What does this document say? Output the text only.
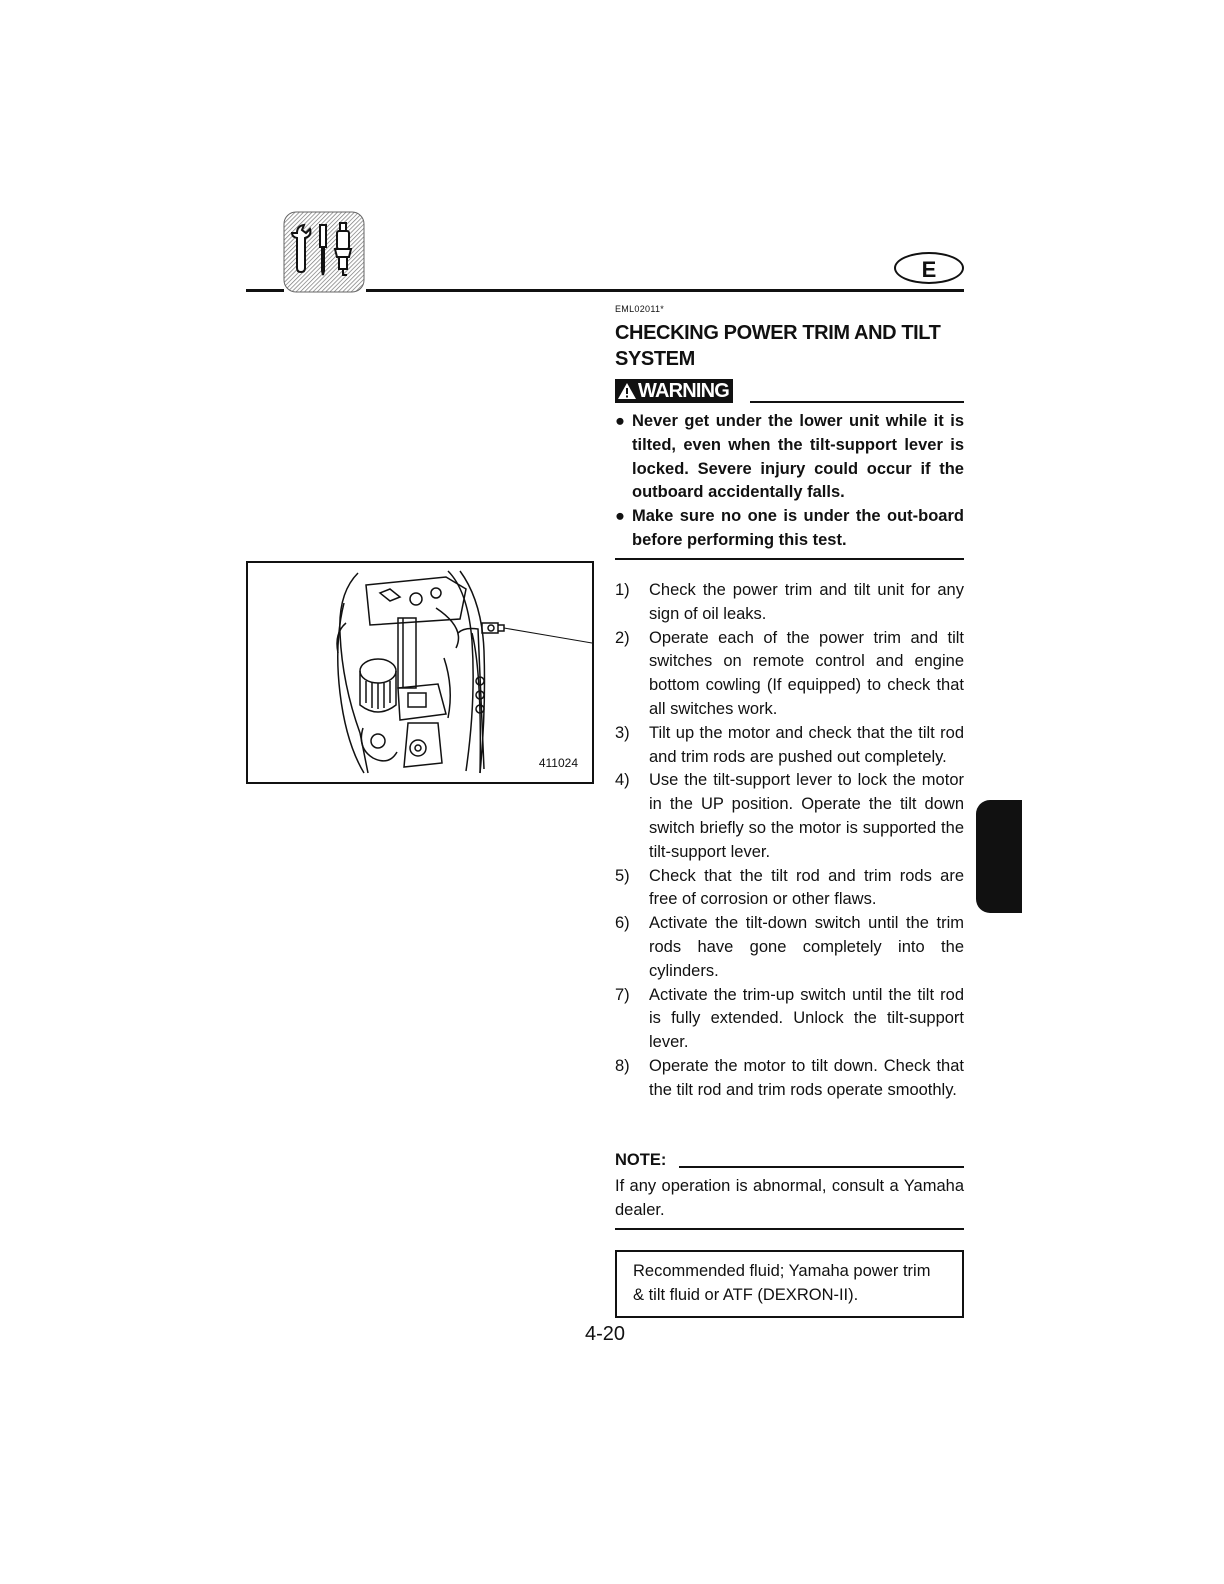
E
EML02011*
CHECKING POWER TRIM AND TILT SYSTEM
WARNING
● Never get under the lower unit while it is tilted, even when the tilt-support lever is locked. Severe injury could occur if the outboard accidentally falls.
● Make sure no one is under the out-board before performing this test.
411024
1) Check the power trim and tilt unit for any sign of oil leaks.
2) Operate each of the power trim and tilt switches on remote control and engine bottom cowling (If equipped) to check that all switches work.
3) Tilt up the motor and check that the tilt rod and trim rods are pushed out completely.
4) Use the tilt-support lever to lock the motor in the UP position. Operate the tilt down switch briefly so the motor is supported the tilt-support lever.
5) Check that the tilt rod and trim rods are free of corrosion or other flaws.
6) Activate the tilt-down switch until the trim rods have gone completely into the cylinders.
7) Activate the trim-up switch until the tilt rod is fully extended. Unlock the tilt-support lever.
8) Operate the motor to tilt down. Check that the tilt rod and trim rods operate smoothly.
NOTE:
If any operation is abnormal, consult a Yamaha dealer.
Recommended fluid; Yamaha power trim & tilt fluid or ATF (DEXRON-II).
4-20
